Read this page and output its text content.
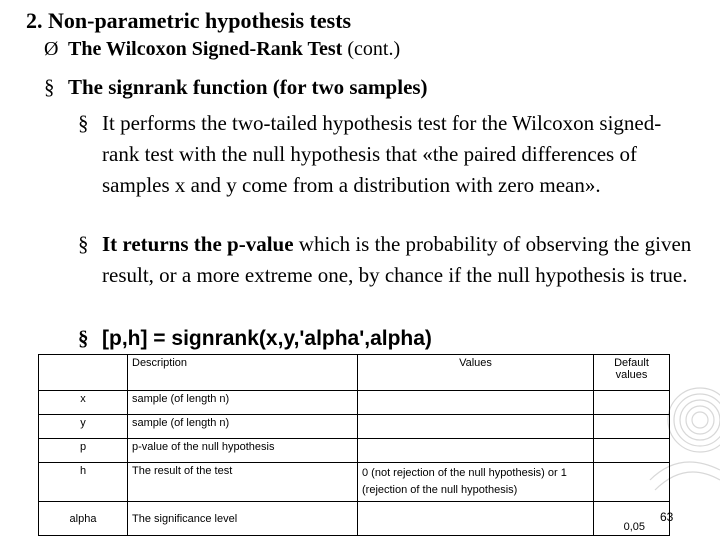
2. Non-parametric hypothesis tests
Ø The Wilcoxon Signed-Rank Test (cont.)
§ The signrank function (for two samples)
§ It performs the two-tailed hypothesis test for the Wilcoxon signed-rank test with the null hypothesis that «the paired differences of samples x and y come from a distribution with zero mean».
§ It returns the p-value which is the probability of observing the given result, or a more extreme one, by chance if the null hypothesis is true.
§ [p,h] = signrank(x,y,'alpha',alpha)
	Description	Values	Default values
x	sample (of length n)		
y	sample (of length n)		
p	p-value of the null hypothesis		
h	The result of the test	0 (not rejection of the null hypothesis) or 1 (rejection of the null hypothesis)	
alpha	The significance level		0,05
63
